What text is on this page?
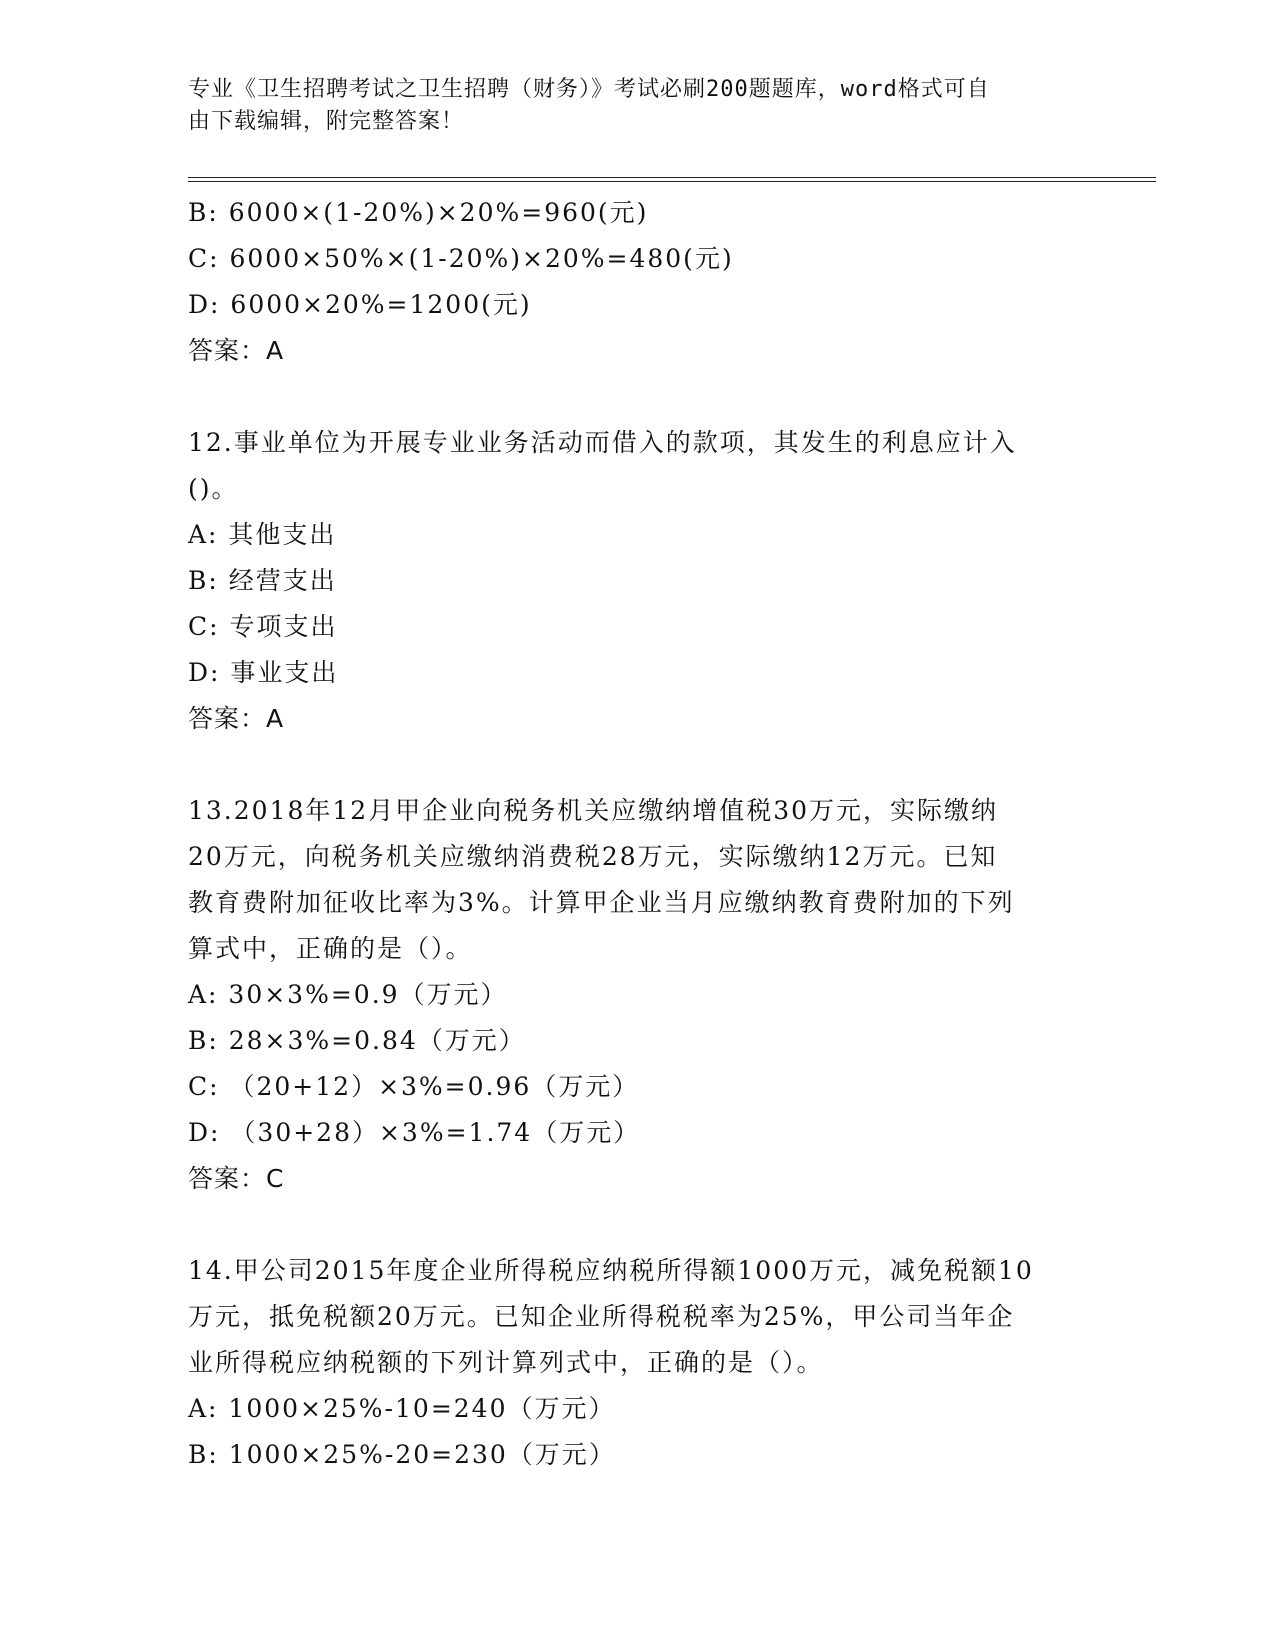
专业《卫生招聘考试之卫生招聘（财务）》考试必刷200题题库，word格式可自
由下载编辑，附完整答案！
B: 6000×(1-20%)×20%=960(元)
C: 6000×50%×(1-20%)×20%=480(元)
D: 6000×20%=1200(元)
答案：A
12.事业单位为开展专业业务活动而借入的款项，其发生的利息应计入
()。
A: 其他支出
B: 经营支出
C: 专项支出
D: 事业支出
答案：A
13.2018年12月甲企业向税务机关应缴纳增值税30万元，实际缴纳
20万元，向税务机关应缴纳消费税28万元，实际缴纳12万元。已知
教育费附加征收比率为3%。计算甲企业当月应缴纳教育费附加的下列
算式中，正确的是（）。
A: 30×3%=0.9（万元）
B: 28×3%=0.84（万元）
C: （20+12）×3%=0.96（万元）
D: （30+28）×3%=1.74（万元）
答案：C
14.甲公司2015年度企业所得税应纳税所得额1000万元，减免税额10
万元，抵免税额20万元。已知企业所得税税率为25%，甲公司当年企
业所得税应纳税额的下列计算列式中，正确的是（）。
A: 1000×25%-10=240（万元）
B: 1000×25%-20=230（万元）
